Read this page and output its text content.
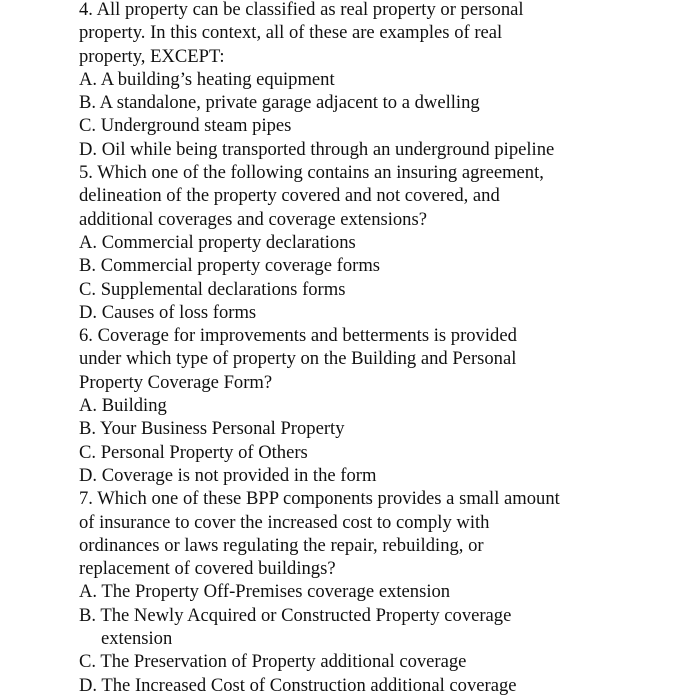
4. All property can be classified as real property or personal
property. In this context, all of these are examples of real
property, EXCEPT:
A. A building’s heating equipment
B. A standalone, private garage adjacent to a dwelling
C. Underground steam pipes
D. Oil while being transported through an underground pipeline
5. Which one of the following contains an insuring agreement,
delineation of the property covered and not covered, and
additional coverages and coverage extensions?
A. Commercial property declarations
B. Commercial property coverage forms
C. Supplemental declarations forms
D. Causes of loss forms
6. Coverage for improvements and betterments is provided
under which type of property on the Building and Personal
Property Coverage Form?
A. Building
B. Your Business Personal Property
C. Personal Property of Others
D. Coverage is not provided in the form
7. Which one of these BPP components provides a small amount
of insurance to cover the increased cost to comply with
ordinances or laws regulating the repair, rebuilding, or
replacement of covered buildings?
A. The Property Off-Premises coverage extension
B. The Newly Acquired or Constructed Property coverage
extension
C. The Preservation of Property additional coverage
D. The Increased Cost of Construction additional coverage
